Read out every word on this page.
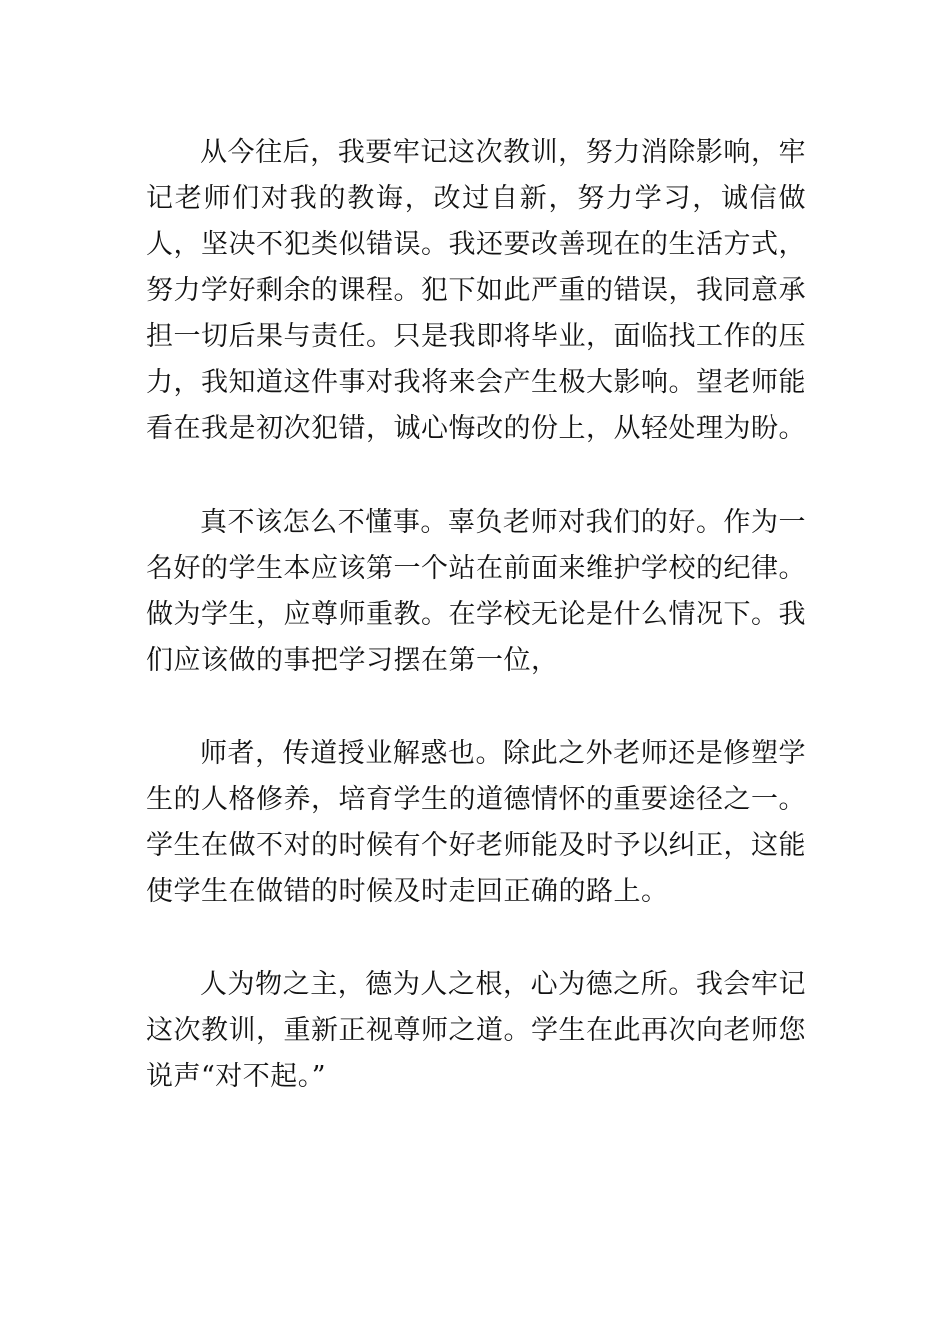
从今往后，我要牢记这次教训，努力消除影响，牢记老师们对我的教诲，改过自新，努力学习，诚信做人，坚决不犯类似错误。我还要改善现在的生活方式，努力学好剩余的课程。犯下如此严重的错误，我同意承担一切后果与责任。只是我即将毕业，面临找工作的压力，我知道这件事对我将来会产生极大影响。望老师能看在我是初次犯错，诚心悔改的份上，从轻处理为盼。

真不该怎么不懂事。辜负老师对我们的好。作为一名好的学生本应该第一个站在前面来维护学校的纪律。做为学生，应尊师重教。在学校无论是什么情况下。我们应该做的事把学习摆在第一位，

师者，传道授业解惑也。除此之外老师还是修塑学生的人格修养，培育学生的道德情怀的重要途径之一。学生在做不对的时候有个好老师能及时予以纠正，这能使学生在做错的时候及时走回正确的路上。

人为物之主，德为人之根，心为德之所。我会牢记这次教训，重新正视尊师之道。学生在此再次向老师您说声“对不起。”
